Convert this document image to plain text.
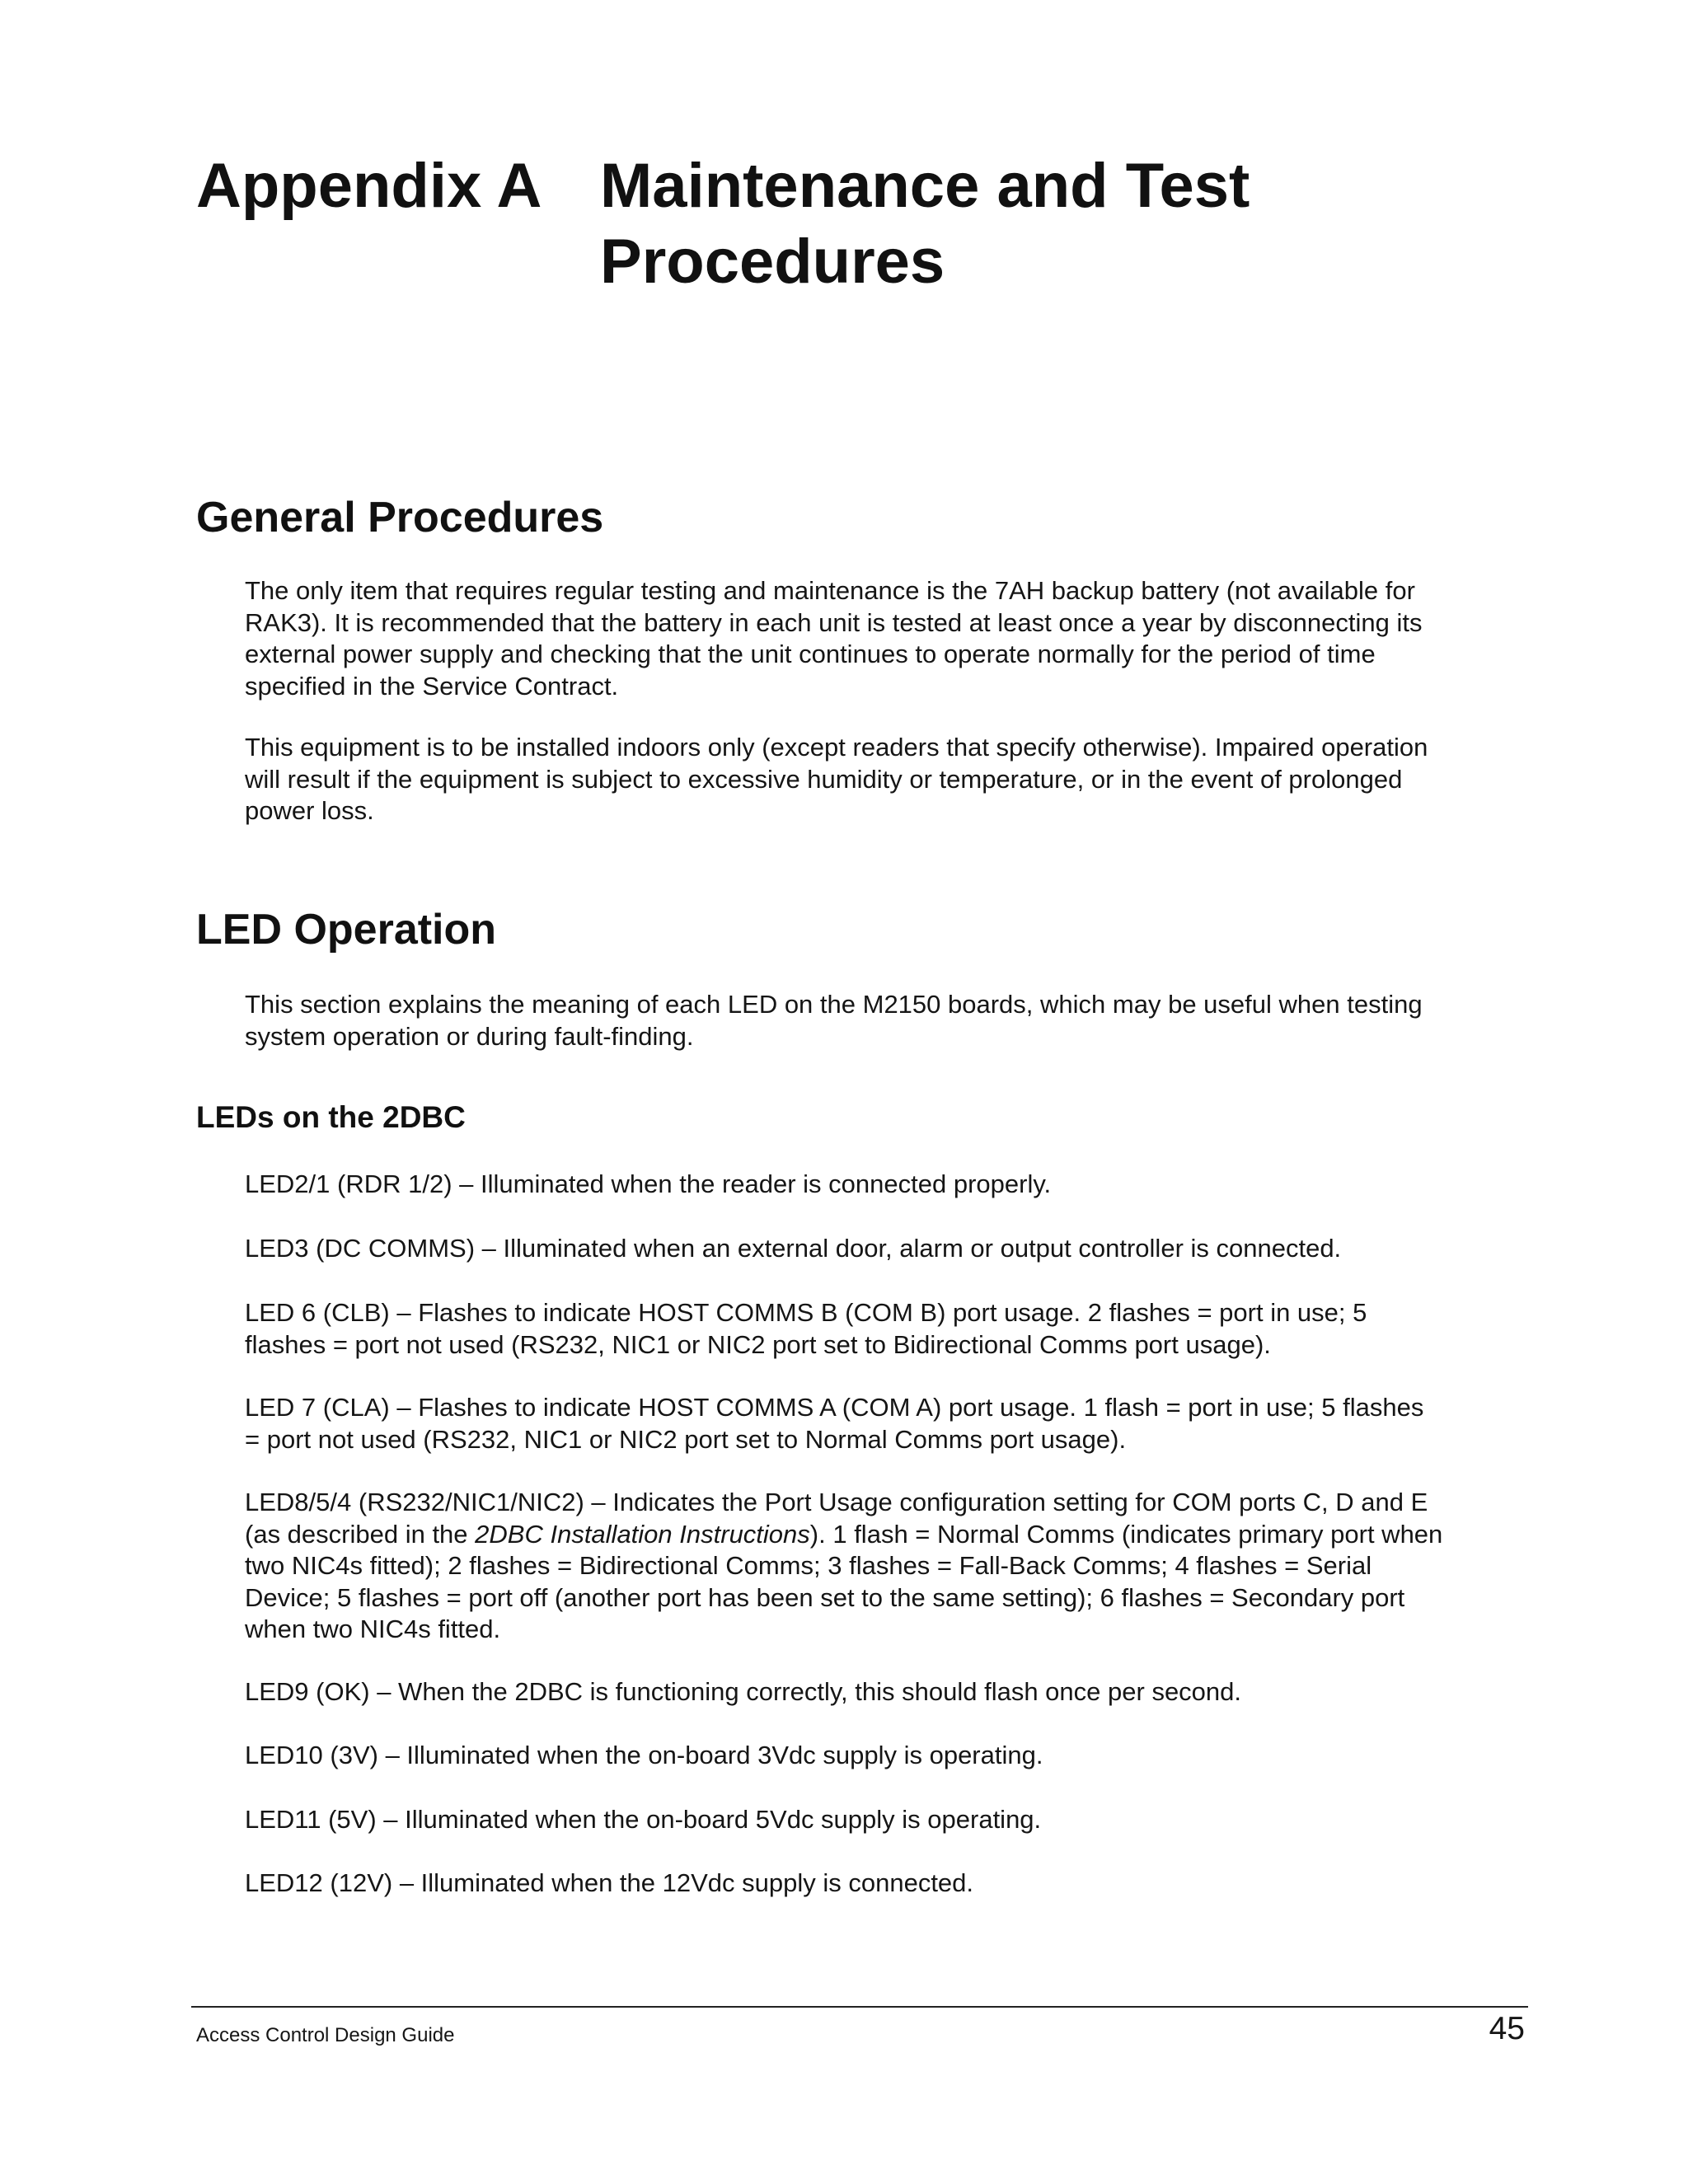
Appendix A Maintenance and Test
Procedures
General Procedures

The only item that requires regular testing and maintenance is the 7AH backup battery (not available for
RAK3). It is recommended that the battery in each unit is tested at least once a year by disconnecting its
external power supply and checking that the unit continues to operate normally for the period of time
specified in the Service Contract.

This equipment is to be installed indoors only (except readers that specify otherwise). Impaired operation
will result if the equipment is subject to excessive humidity or temperature, or in the event of prolonged
power loss.

LED Operation

This section explains the meaning of each LED on the M2150 boards, which may be useful when testing
system operation or during fault-finding.

LEDs on the 2DBC

LED2/1 (RDR 1/2) – Illuminated when the reader is connected properly.

LED3 (DC COMMS) – Illuminated when an external door, alarm or output controller is connected.

LED 6 (CLB) – Flashes to indicate HOST COMMS B (COM B) port usage. 2 flashes = port in use; 5
flashes = port not used (RS232, NIC1 or NIC2 port set to Bidirectional Comms port usage).

LED 7 (CLA) – Flashes to indicate HOST COMMS A (COM A) port usage. 1 flash = port in use; 5 flashes
= port not used (RS232, NIC1 or NIC2 port set to Normal Comms port usage).

LED8/5/4 (RS232/NIC1/NIC2) – Indicates the Port Usage configuration setting for COM ports C, D and E
(as described in the 2DBC Installation Instructions). 1 flash = Normal Comms (indicates primary port when
two NIC4s fitted); 2 flashes = Bidirectional Comms; 3 flashes = Fall-Back Comms; 4 flashes = Serial
Device; 5 flashes = port off (another port has been set to the same setting); 6 flashes = Secondary port
when two NIC4s fitted.

LED9 (OK) – When the 2DBC is functioning correctly, this should flash once per second.

LED10 (3V) – Illuminated when the on-board 3Vdc supply is operating.

LED11 (5V) – Illuminated when the on-board 5Vdc supply is operating.

LED12 (12V) – Illuminated when the 12Vdc supply is connected.

Access Control Design Guide	45
